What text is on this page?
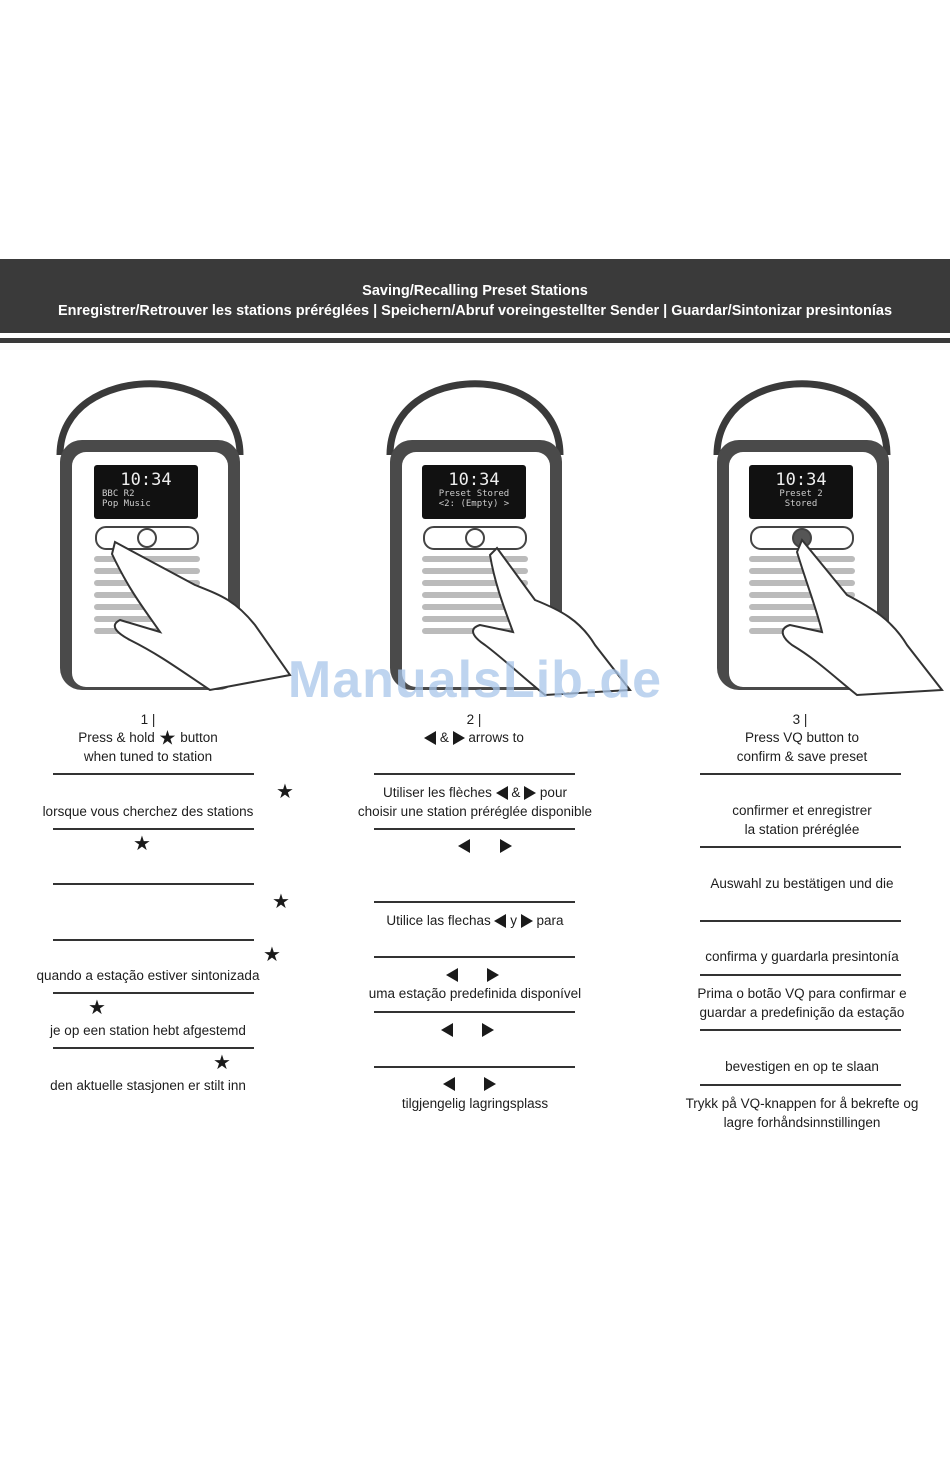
Saving/Recalling Preset Stations
Enregistrer/Retrouver les stations préréglées | Speichern/Abruf voreingestellter Sender | Guardar/Sintonizar presintonías
10:34
BBC R2
Pop Music
10:34
Preset Stored
<2: (Empty) >
10:34
Preset 2
Stored
ManualsLib.de
1 |
Press & hold ★ button
when tuned to station
★
lorsque vous cherchez des stations
★
★
★
quando a estação estiver sintonizada
★
je op een station hebt afgestemd
★
den aktuelle stasjonen er stilt inn
2 |
& arrows to
Utiliser les flèches & pour
choisir une station préréglée disponible
Utilice las flechas y para
uma estação predefinida disponível
tilgjengelig lagringsplass
3 |
Press VQ button to
confirm & save preset
confirmer et enregistrer
la station préréglée
Auswahl zu bestätigen und die
confirma y guardarla presintonía
Prima o botão VQ para confirmar e
guardar a predefinição da estação
bevestigen en op te slaan
Trykk på VQ-knappen for å bekrefte og
lagre forhåndsinnstillingen
